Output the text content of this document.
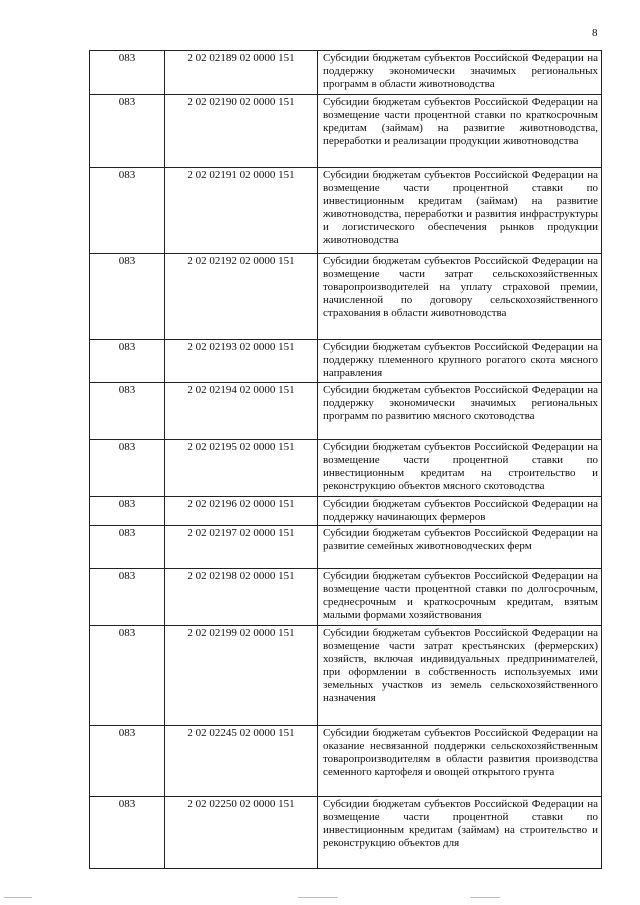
8
083	2 02 02189 02 0000 151	Субсидии бюджетам субъектов Российской Федерации на поддержку экономически значимых региональных программ в области животноводства
083	2 02 02190 02 0000 151	Субсидии бюджетам субъектов Российской Федерации на возмещение части процентной ставки по краткосрочным кредитам (займам) на развитие животноводства, переработки и реализации продукции животноводства
083	2 02 02191 02 0000 151	Субсидии бюджетам субъектов Российской Федерации на возмещение части процентной ставки по инвестиционным кредитам (займам) на развитие животноводства, переработки и развития инфраструктуры и логистического обеспечения рынков продукции животноводства
083	2 02 02192 02 0000 151	Субсидии бюджетам субъектов Российской Федерации на возмещение части затрат сельскохозяйственных товаропроизводителей на уплату страховой премии, начисленной по договору сельскохозяйственного страхования в области животноводства
083	2 02 02193 02 0000 151	Субсидии бюджетам субъектов Российской Федерации на поддержку племенного крупного рогатого скота мясного направления
083	2 02 02194 02 0000 151	Субсидии бюджетам субъектов Российской Федерации на поддержку экономически значимых региональных программ по развитию мясного скотоводства
083	2 02 02195 02 0000 151	Субсидии бюджетам субъектов Российской Федерации на возмещение части процентной ставки по инвестиционным кредитам на строительство и реконструкцию объектов мясного скотоводства
083	2 02 02196 02 0000 151	Субсидии бюджетам субъектов Российской Федерации на поддержку начинающих фермеров
083	2 02 02197 02 0000 151	Субсидии бюджетам субъектов Российской Федерации на развитие семейных животноводческих ферм
083	2 02 02198 02 0000 151	Субсидии бюджетам субъектов Российской Федерации на возмещение части процентной ставки по долгосрочным, среднесрочным и краткосрочным кредитам, взятым малыми формами хозяйствования
083	2 02 02199 02 0000 151	Субсидии бюджетам субъектов Российской Федерации на возмещение части затрат крестьянских (фермерских) хозяйств, включая индивидуальных предпринимателей, при оформлении в собственность используемых ими земельных участков из земель сельскохозяйственного назначения
083	2 02 02245 02 0000 151	Субсидии бюджетам субъектов Российской Федерации на оказание несвязанной поддержки сельскохозяйственным товаропроизводителям в области развития производства семенного картофеля и овощей открытого грунта
083	2 02 02250 02 0000 151	Субсидии бюджетам субъектов Российской Федерации на возмещение части процентной ставки по инвестиционным кредитам (займам) на строительство и реконструкцию объектов для
